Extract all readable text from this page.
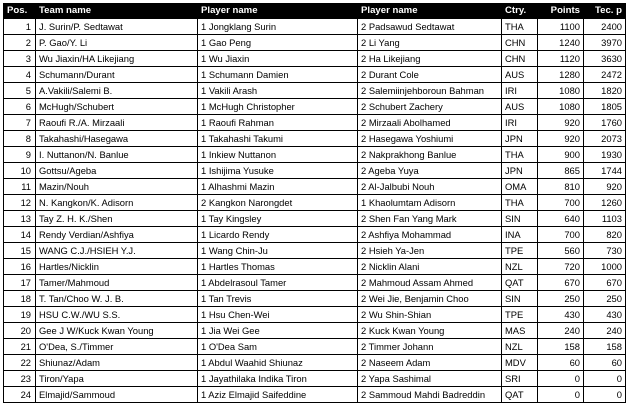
Pos.	Team name	Player name	Player name	Ctry.	Points	Tec. p
1	J. Surin/P. Sedtawat	1 Jongklang Surin	2 Padsawud Sedtawat	THA	1100	2400
2	P. Gao/Y. Li	1 Gao Peng	2 Li Yang	CHN	1240	3970
3	Wu Jiaxin/HA Likejiang	1 Wu Jiaxin	2 Ha Likejiang	CHN	1120	3630
4	Schumann/Durant	1 Schumann Damien	2 Durant Cole	AUS	1280	2472
5	A.Vakili/Salemi B.	1 Vakili Arash	2 Salemiinjehboroun Bahman	IRI	1080	1820
6	McHugh/Schubert	1 McHugh Christopher	2 Schubert Zachery	AUS	1080	1805
7	Raoufi R./A. Mirzaali	1 Raoufi Rahman	2 Mirzaali Abolhamed	IRI	920	1760
8	Takahashi/Hasegawa	1 Takahashi Takumi	2 Hasegawa Yoshiumi	JPN	920	2073
9	I. Nuttanon/N. Banlue	1 Inkiew Nuttanon	2 Nakprakhong Banlue	THA	900	1930
10	Gottsu/Ageba	1 Ishijima Yusuke	2 Ageba Yuya	JPN	865	1744
11	Mazin/Nouh	1 Alhashmi Mazin	2 Al-Jalbubi Nouh	OMA	810	920
12	N. Kangkon/K. Adisorn	2 Kangkon Narongdet	1 Khaolumtam Adisorn	THA	700	1260
13	Tay Z. H. K./Shen	1 Tay Kingsley	2 Shen Fan Yang Mark	SIN	640	1103
14	Rendy Verdian/Ashfiya	1 Licardo Rendy	2 Ashfiya Mohammad	INA	700	820
15	WANG C.J./HSIEH Y.J.	1 Wang Chin-Ju	2 Hsieh Ya-Jen	TPE	560	730
16	Hartles/Nicklin	1 Hartles Thomas	2 Nicklin Alani	NZL	720	1000
17	Tamer/Mahmoud	1 Abdelrasoul Tamer	2 Mahmoud Assam Ahmed	QAT	670	670
18	T. Tan/Choo W. J. B.	1 Tan Trevis	2 Wei Jie, Benjamin Choo	SIN	250	250
19	HSU C.W./WU S.S.	1 Hsu Chen-Wei	2 Wu Shin-Shian	TPE	430	430
20	Gee J W/Kuck Kwan Young	1 Jia Wei Gee	2 Kuck Kwan Young	MAS	240	240
21	O'Dea, S./Timmer	1 O'Dea Sam	2 Timmer Johann	NZL	158	158
22	Shiunaz/Adam	1 Abdul Waahid Shiunaz	2 Naseem Adam	MDV	60	60
23	Tiron/Yapa	1 Jayathilaka Indika Tiron	2 Yapa Sashimal	SRI	0	0
24	Elmajid/Sammoud	1 Aziz Elmajid Saifeddine	2 Sammoud Mahdi Badreddin	QAT	0	0
